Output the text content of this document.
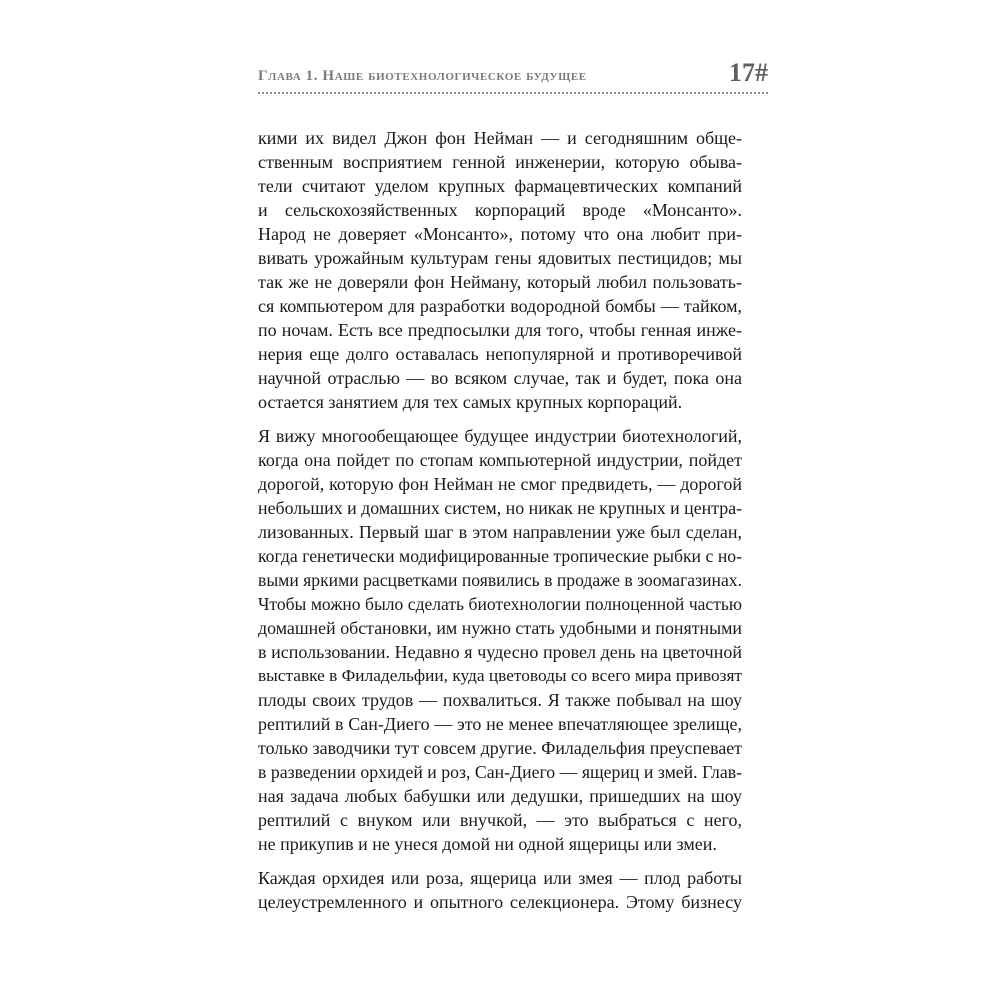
Глава 1. Наше биотехнологическое будущее	17#
кими их видел Джон фон Нейман — и сегодняшним обще-
ственным восприятием генной инженерии, которую обыва-
тели считают уделом крупных фармацевтических компаний
и сельскохозяйственных корпораций вроде «Монсанто».
Народ не доверяет «Монсанто», потому что она любит при-
вивать урожайным культурам гены ядовитых пестицидов; мы
так же не доверяли фон Нейману, который любил пользовать-
ся компьютером для разработки водородной бомбы — тайком,
по ночам. Есть все предпосылки для того, чтобы генная инже-
нерия еще долго оставалась непопулярной и противоречивой
научной отраслью — во всяком случае, так и будет, пока она
остается занятием для тех самых крупных корпораций.
Я вижу многообещающее будущее индустрии биотехнологий,
когда она пойдет по стопам компьютерной индустрии, пойдет
дорогой, которую фон Нейман не смог предвидеть, — дорогой
небольших и домашних систем, но никак не крупных и центра-
лизованных. Первый шаг в этом направлении уже был сделан,
когда генетически модифицированные тропические рыбки с но-
выми яркими расцветками появились в продаже в зоомагазинах.
Чтобы можно было сделать биотехнологии полноценной частью
домашней обстановки, им нужно стать удобными и понятными
в использовании. Недавно я чудесно провел день на цветочной
выставке в Филадельфии, куда цветоводы со всего мира привозят
плоды своих трудов — похвалиться. Я также побывал на шоу
рептилий в Сан-Диего — это не менее впечатляющее зрелище,
только заводчики тут совсем другие. Филадельфия преуспевает
в разведении орхидей и роз, Сан-Диего — ящериц и змей. Глав-
ная задача любых бабушки или дедушки, пришедших на шоу
рептилий с внуком или внучкой, — это выбраться с него,
не прикупив и не унеся домой ни одной ящерицы или змеи.
Каждая орхидея или роза, ящерица или змея — плод работы
целеустремленного и опытного селекционера. Этому бизнесу
